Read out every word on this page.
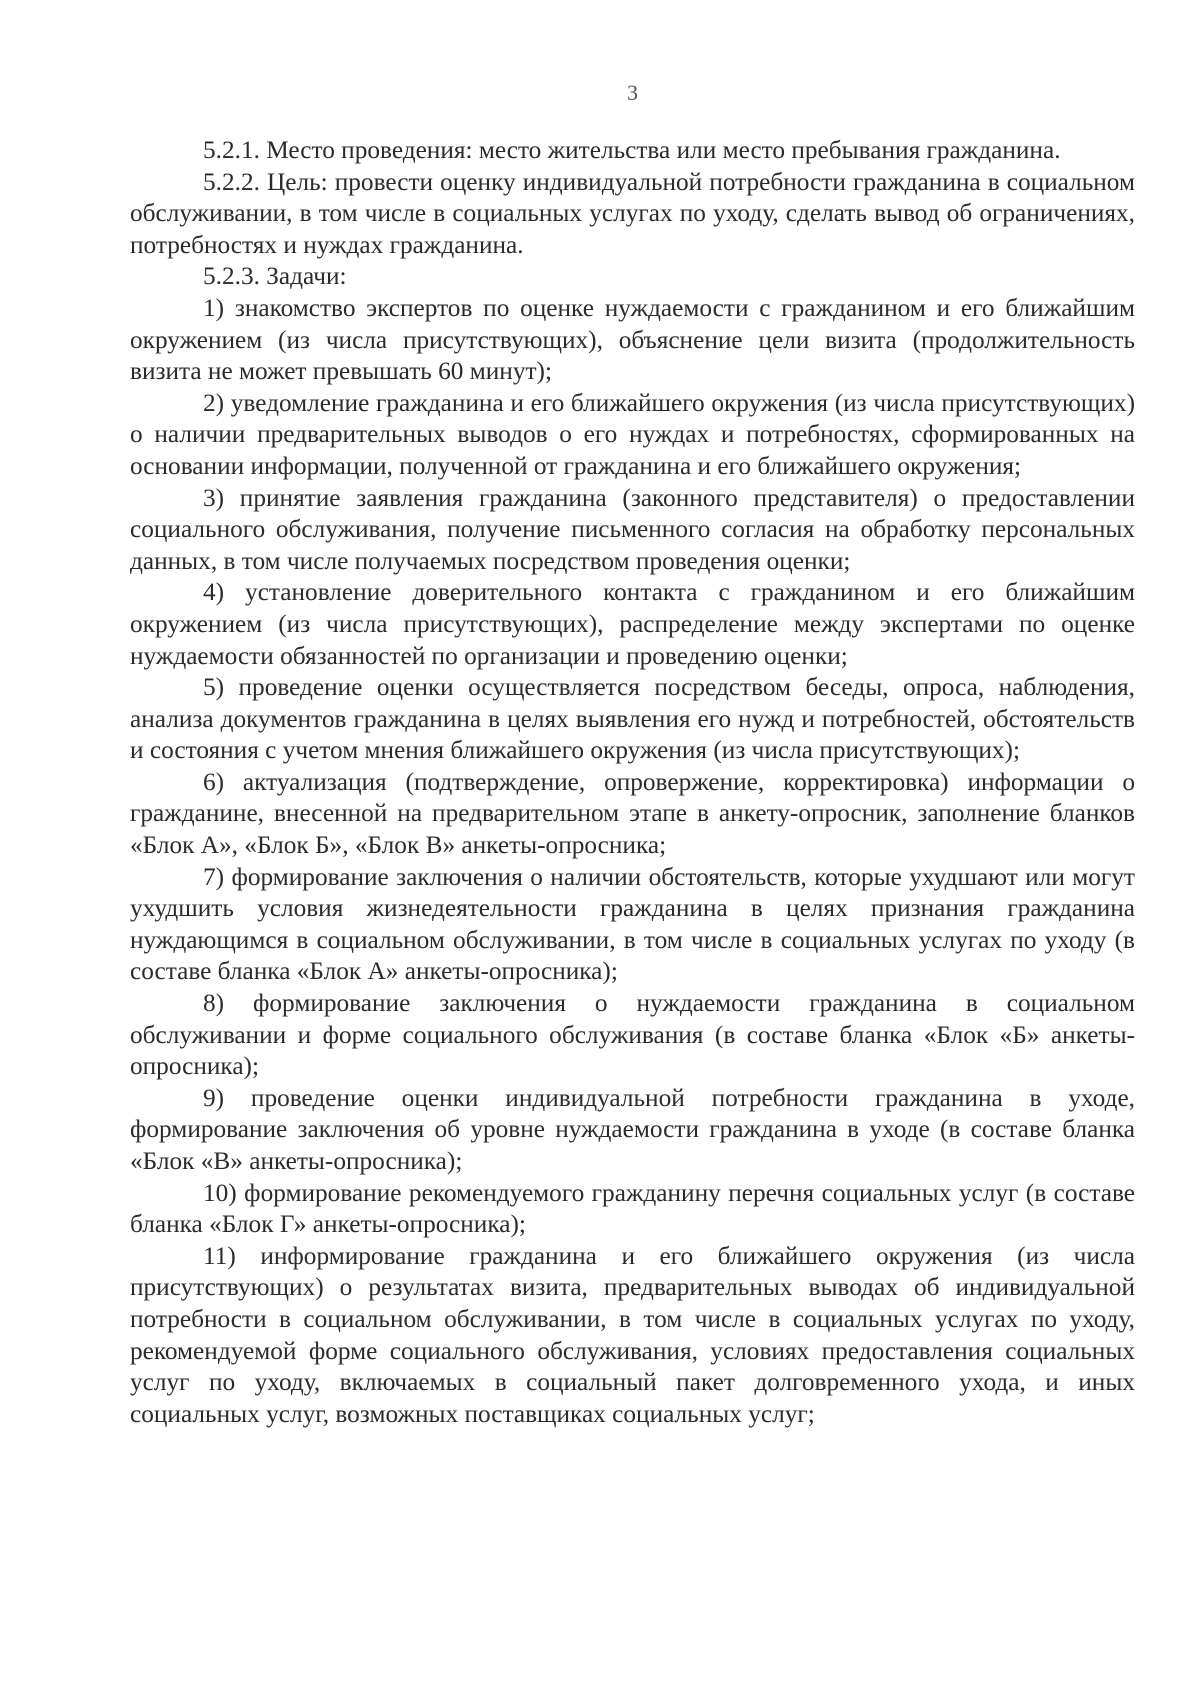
3

5.2.1. Место проведения: место жительства или место пребывания гражданина.

5.2.2. Цель: провести оценку индивидуальной потребности гражданина в социальном обслуживании, в том числе в социальных услугах по уходу, сделать вывод об ограничениях, потребностях и нуждах гражданина.

5.2.3. Задачи:

1) знакомство экспертов по оценке нуждаемости с гражданином и его ближайшим окружением (из числа присутствующих), объяснение цели визита (продолжительность визита не может превышать 60 минут);

2) уведомление гражданина и его ближайшего окружения (из числа присутствующих) о наличии предварительных выводов о его нуждах и потребностях, сформированных на основании информации, полученной от гражданина и его ближайшего окружения;

3) принятие заявления гражданина (законного представителя) о предоставлении социального обслуживания, получение письменного согласия на обработку персональных данных, в том числе получаемых посредством проведения оценки;

4) установление доверительного контакта с гражданином и его ближайшим окружением (из числа присутствующих), распределение между экспертами по оценке нуждаемости обязанностей по организации и проведению оценки;

5) проведение оценки осуществляется посредством беседы, опроса, наблюдения, анализа документов гражданина в целях выявления его нужд и потребностей, обстоятельств и состояния с учетом мнения ближайшего окружения (из числа присутствующих);

6) актуализация (подтверждение, опровержение, корректировка) информации о гражданине, внесенной на предварительном этапе в анкету-опросник, заполнение бланков «Блок А», «Блок Б», «Блок В» анкеты-опросника;

7) формирование заключения о наличии обстоятельств, которые ухудшают или могут ухудшить условия жизнедеятельности гражданина в целях признания гражданина нуждающимся в социальном обслуживании, в том числе в социальных услугах по уходу (в составе бланка «Блок А» анкеты-опросника);

8) формирование заключения о нуждаемости гражданина в социальном обслуживании и форме социального обслуживания (в составе бланка «Блок «Б» анкеты-опросника);

9) проведение оценки индивидуальной потребности гражданина в уходе, формирование заключения об уровне нуждаемости гражданина в уходе (в составе бланка «Блок «В» анкеты-опросника);

10) формирование рекомендуемого гражданину перечня социальных услуг (в составе бланка «Блок Г» анкеты-опросника);

11) информирование гражданина и его ближайшего окружения (из числа присутствующих) о результатах визита, предварительных выводах об индивидуальной потребности в социальном обслуживании, в том числе в социальных услугах по уходу, рекомендуемой форме социального обслуживания, условиях предоставления социальных услуг по уходу, включаемых в социальный пакет долговременного ухода, и иных социальных услуг, возможных поставщиках социальных услуг;
